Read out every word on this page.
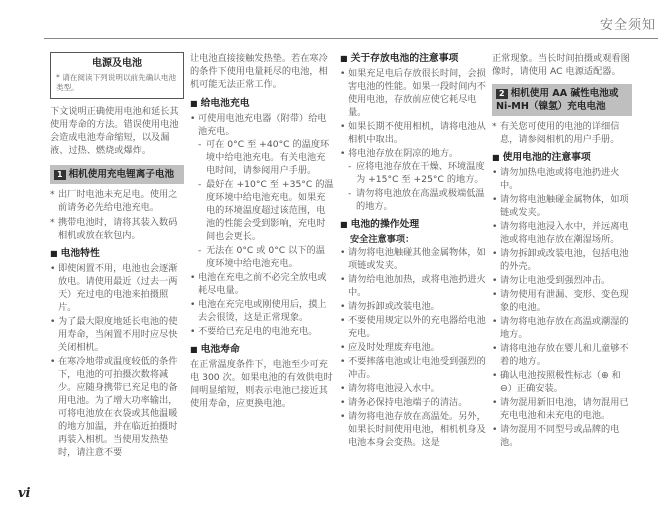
安全须知
电源及电池
* 请在阅读下列说明以前先确认电池类型。
下文说明正确使用电池和延长其使用寿命的方法。错误使用电池会造成电池寿命缩短，以及漏液、过热、燃烧或爆炸。
1 相机使用充电锂离子电池
* 出厂时电池未充足电。使用之前请务必先给电池充电。
* 携带电池时，请将其装入数码相机或放在软包内。
■ 电池特性
• 即使闲置不用，电池也会逐渐放电。请使用最近（过去一两天）充过电的电池来拍摄照片。
• 为了最大限度地延长电池的使用寿命，当闲置不用时应尽快关闭相机。
• 在寒冷地带或温度较低的条件下，电池的可拍摄次数将减少。应随身携带已充足电的备用电池。为了增大功率输出，可将电池放在衣袋或其他温暖的地方加温，并在临近拍摄时再装入相机。当使用发热垫时，请注意不要
让电池直接接触发热垫。若在寒冷的条件下使用电量耗尽的电池，相机可能无法正常工作。
■ 给电池充电
• 可使用电池充电器（附带）给电池充电。
- 可在 0°C 至 +40°C 的温度环境中给电池充电。有关电池充电时间，请参阅用户手册。
- 最好在 +10°C 至 +35°C 的温度环境中给电池充电。如果充电的环境温度超过该范围，电池的性能会受到影响，充电时间也会更长。
- 无法在 0°C 或 0°C 以下的温度环境中给电池充电。
• 电池在充电之前不必完全放电或耗尽电量。
• 电池在充完电或刚使用后，摸上去会很烫，这是正常现象。
• 不要给已充足电的电池充电。
■ 电池寿命
在正常温度条件下，电池至少可充电 300 次。如果电池的有效供电时间明显缩短，则表示电池已接近其使用寿命，应更换电池。
■ 关于存放电池的注意事项
• 如果充足电后存放很长时间，会损害电池的性能。如果一段时间内不使用电池，存放前应使它耗尽电量。
• 如果长期不使用相机，请将电池从相机中取出。
• 将电池存放在阴凉的地方。
- 应将电池存放在干燥、环境温度为 +15°C 至 +25°C 的地方。
- 请勿将电池放在高温或极端低温的地方。
■ 电池的操作处理
安全注意事项：
• 请勿将电池触碰其他金属物体，如项链或发夹。
• 请勿给电池加热，或将电池扔进火中。
• 请勿拆卸或改装电池。
• 不要使用规定以外的充电器给电池充电。
• 应及时处理废弃电池。
• 不要摔落电池或让电池受到强烈的冲击。
• 请勿将电池浸入水中。
• 请务必保持电池端子的清洁。
• 请勿将电池存放在高温处。另外，如果长时间使用电池，相机机身及电池本身会变热。这是
正常现象。当长时间拍摄或观看图像时，请使用 AC 电源适配器。
2 相机使用 AA 碱性电池或 Ni-MH（镍氢）充电电池
* 有关您可使用的电池的详细信息，请参阅相机的用户手册。
■ 使用电池的注意事项
• 请勿加热电池或将电池扔进火中。
• 请勿将电池触碰金属物体，如项链或发夹。
• 请勿将电池浸入水中，并远离电池或将电池存放在潮湿场所。
• 请勿拆卸或改装电池，包括电池的外壳。
• 请勿让电池受到强烈冲击。
• 请勿使用有泄漏、变形、变色现象的电池。
• 请勿将电池存放在高温或潮湿的地方。
• 请将电池存放在婴儿和儿童够不着的地方。
• 确认电池按照极性标志（⊕ 和 ⊖）正确安装。
• 请勿混用新旧电池，请勿混用已充电电池和未充电的电池。
• 请勿混用不同型号或品牌的电池。
vi
